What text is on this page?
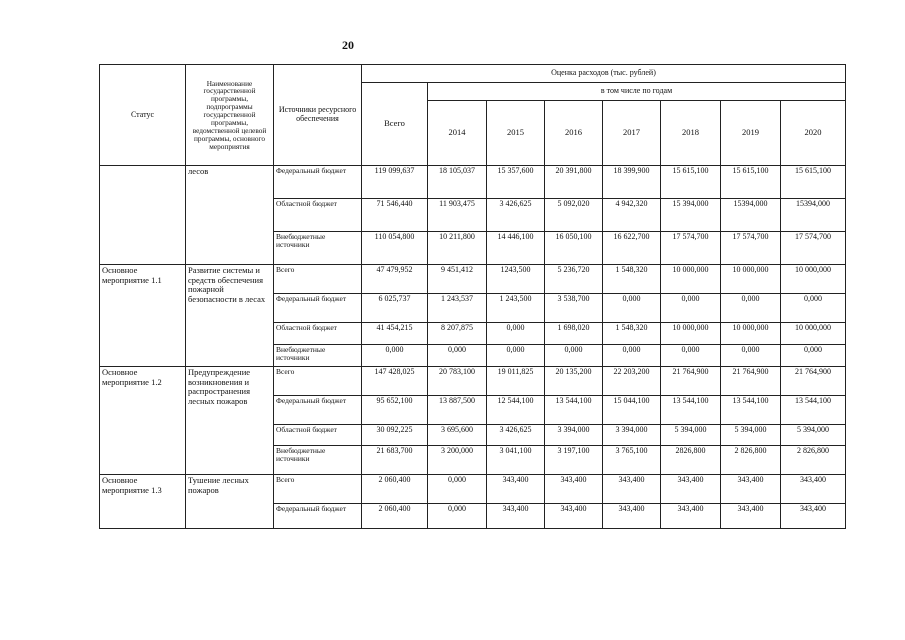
20
Статус	Наименование государственной программы, подпрограммы государственной программы, ведомственной целевой программы, основного мероприятия	Источники ресурсного обеспечения	Оценка расходов (тыс. рублей)							
			Всего	в том числе по годам						
				2014	2015	2016	2017	2018	2019	2020
	лесов	Федеральный бюджет	119 099,637	18 105,037	15 357,600	20 391,800	18 399,900	15 615,100	15 615,100	15 615,100
		Областной бюджет	71 546,440	11 903,475	3 426,625	5 092,020	4 942,320	15 394,000	15394,000	15394,000
		Внебюджетные источники	110 054,800	10 211,800	14 446,100	16 050,100	16 622,700	17 574,700	17 574,700	17 574,700
Основное мероприятие 1.1	Развитие системы и средств обеспечения пожарной безопасности в лесах	Всего	47 479,952	9 451,412	1243,500	5 236,720	1 548,320	10 000,000	10 000,000	10 000,000
		Федеральный бюджет	6 025,737	1 243,537	1 243,500	3 538,700	0,000	0,000	0,000	0,000
		Областной бюджет	41 454,215	8 207,875	0,000	1 698,020	1 548,320	10 000,000	10 000,000	10 000,000
		Внебюджетные источники	0,000	0,000	0,000	0,000	0,000	0,000	0,000	0,000
Основное мероприятие 1.2	Предупреждение возникновения и распространения лесных пожаров	Всего	147 428,025	20 783,100	19 011,825	20 135,200	22 203,200	21 764,900	21 764,900	21 764,900
		Федеральный бюджет	95 652,100	13 887,500	12 544,100	13 544,100	15 044,100	13 544,100	13 544,100	13 544,100
		Областной бюджет	30 092,225	3 695,600	3 426,625	3 394,000	3 394,000	5 394,000	5 394,000	5 394,000
		Внебюджетные источники	21 683,700	3 200,000	3 041,100	3 197,100	3 765,100	2826,800	2 826,800	2 826,800
Основное мероприятие 1.3	Тушение лесных пожаров	Всего	2 060,400	0,000	343,400	343,400	343,400	343,400	343,400	343,400
		Федеральный бюджет	2 060,400	0,000	343,400	343,400	343,400	343,400	343,400	343,400
